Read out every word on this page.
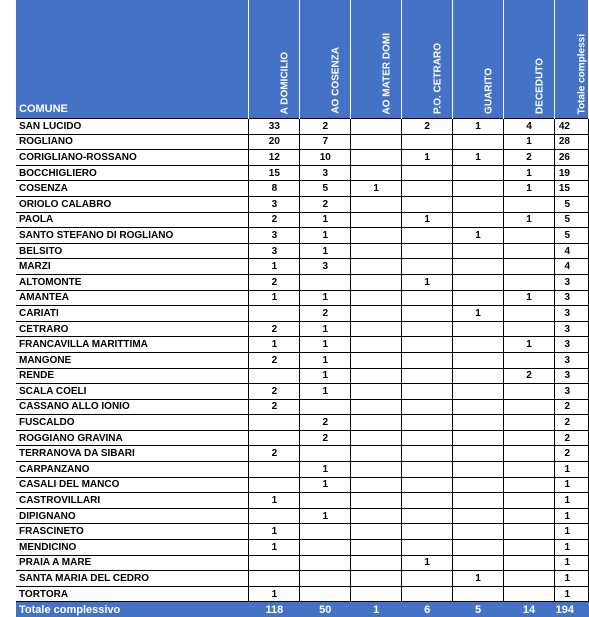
COMUNE	A DOMICILIO	AO COSENZA	AO MATER DOMI	P.O. CETRARO	GUARITO	DECEDUTO	Totale complessi

SAN LUCIDO	33	2		2	1	4	42
ROGLIANO	20	7				1	28
CORIGLIANO-ROSSANO	12	10		1	1	2	26
BOCCHIGLIERO	15	3				1	19
COSENZA	8	5	1			1	15
ORIOLO CALABRO	3	2					5
PAOLA	2	1		1		1	5
SANTO STEFANO DI ROGLIANO	3	1			1		5
BELSITO	3	1					4
MARZI	1	3					4
ALTOMONTE	2			1			3
AMANTEA	1	1				1	3
CARIATI		2			1		3
CETRARO	2	1					3
FRANCAVILLA MARITTIMA	1	1				1	3
MANGONE	2	1					3
RENDE		1				2	3
SCALA COELI	2	1					3
CASSANO ALLO IONIO	2						2
FUSCALDO		2					2
ROGGIANO GRAVINA		2					2
TERRANOVA DA SIBARI	2						2
CARPANZANO		1					1
CASALI DEL MANCO		1					1
CASTROVILLARI	1						1
DIPIGNANO		1					1
FRASCINETO	1						1
MENDICINO	1						1
PRAIA A MARE				1			1
SANTA MARIA DEL CEDRO					1		1
TORTORA	1						1
Totale complessivo	118	50	1	6	5	14	194
